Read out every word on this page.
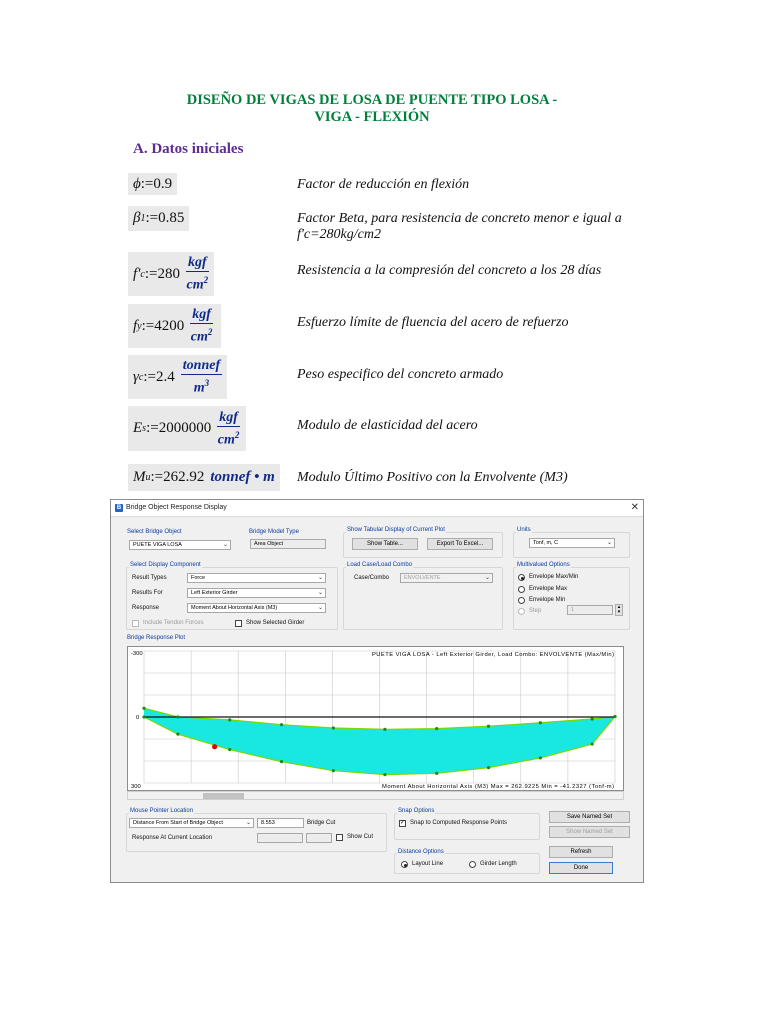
DISEÑO DE VIGAS DE LOSA DE PUENTE TIPO LOSA -
VIGA - FLEXIÓN
A. Datos iniciales
ϕ := 0.9	Factor de reducción en flexión
β 1 := 0.85	Factor Beta, para resistencia de concreto menor e igual a f'c=280kg/cm2
f' c := $280 \frac{\text{kgf}}{cm^2}$	Resistencia a la compresión del concreto a los 28 días
f y := $4200 \frac{\text{kgf}}{cm^2}$	Esfuerzo límite de fluencia del acero de refuerzo
γ c := $2.4 \frac{\text{tonnef}}{m^3}$	Peso especifico del concreto armado
E s := $2000000 \frac{\text{kgf}}{cm^2}$	Modulo de elasticidad del acero
M u := 262.92 tonnef • m Modulo Último Positivo con la Envolvente (M3)
B Bridge Object Response Display	✕
Select Bridge Object
PUETE VIGA LOSA	⌄
Bridge Model Type
Area Object
Show Tabular Display of Current Plot
Show Table...	Export To Excel...
Units
Tonf, m, C	⌄
Select Display Component
Result Types	Force	⌄
Results For	Left Exterior Girder	⌄
Response	Moment About Horizontal Axis (M3)	⌄
Include Tendon Forces	Show Selected Girder
Load Case/Load Combo
Case/Combo	ENVOLVENTE	⌄
Multivalued Options
Envelope Max/Min
Envelope Max
Envelope Min
Step	1	▴
▾
Bridge Response Plot
-300
0
300
PUETE VIGA LOSA - Left Exterior Girder, Load Combo: ENVOLVENTE (Max/Min)
Moment About Horizontal Axis (M3) Max = 262.9225 Min = -41.2327 (Tonf-m)
Mouse Pointer Location
Distance From Start of Bridge Object	⌄	8.553	Bridge Cut
Response At Current Location	Show Cut
Snap Options
✓ Snap to Computed Response Points
Distance Options
Layout Line	Girder Length
Save Named Set
Show Named Set
Refresh
Done
